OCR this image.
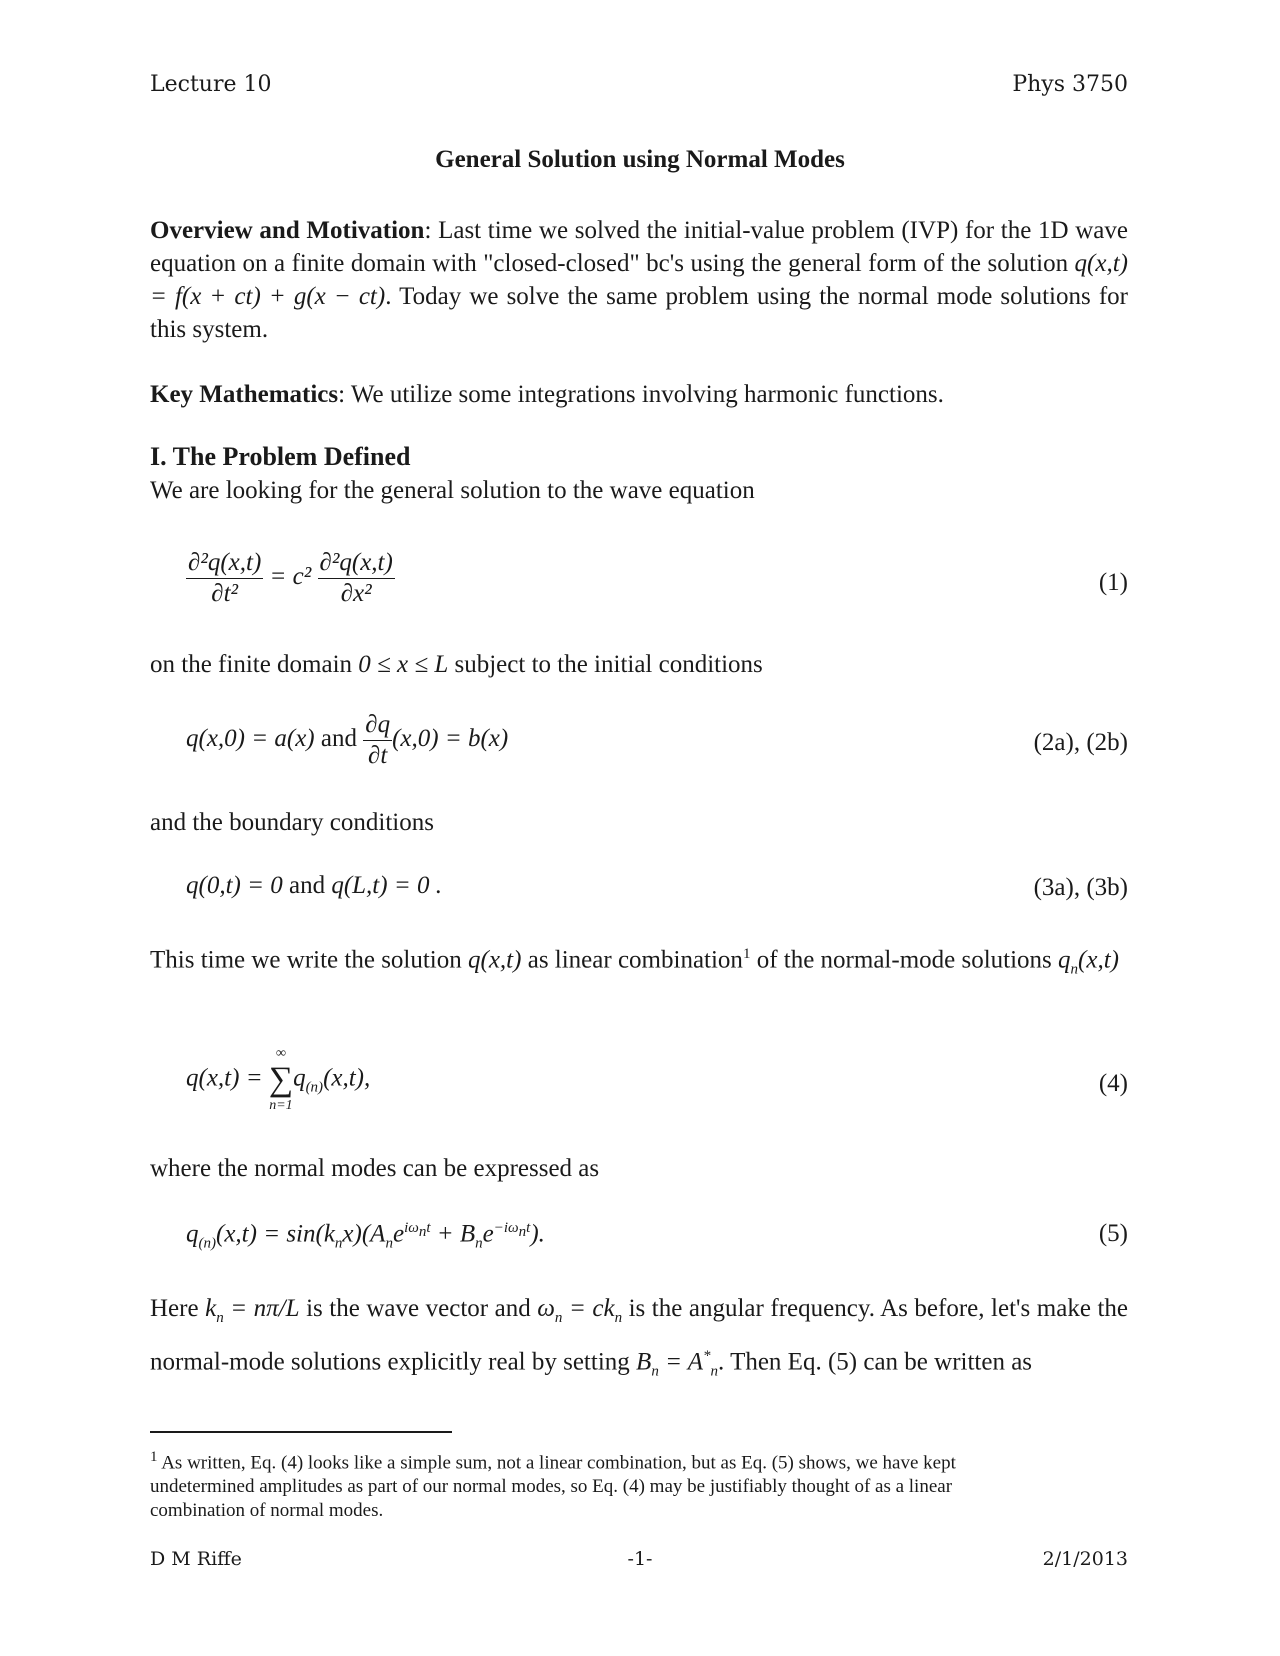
Lecture 10	Phys 3750
General Solution using Normal Modes
Overview and Motivation: Last time we solved the initial-value problem (IVP) for the 1D wave equation on a finite domain with "closed-closed" bc's using the general form of the solution q(x,t) = f(x + ct) + g(x − ct). Today we solve the same problem using the normal mode solutions for this system.
Key Mathematics: We utilize some integrations involving harmonic functions.
I. The Problem Defined
We are looking for the general solution to the wave equation
$\frac{\text{∂²q(x,t)}}{\text{∂t²}} = c^2 \frac{\text{∂²q(x,t)}}{\text{∂x²}}$	(1)
on the finite domain 0 ≤ x ≤ L subject to the initial conditions
q(x,0) = a(x) and $\frac{\partial q}{\partial t} (x,0) = b(x)$	(2a), (2b)
and the boundary conditions
q(0,t) = 0 and q(L,t) = 0 .	(3a), (3b)
This time we write the solution q(x,t) as linear combination$^1$ of the normal-mode solutions $q_n(x,t)$
q(x,t) =
∞
∑
n=1
$q_{(n)}(x,t)$,	(4)
where the normal modes can be expressed as
$q_{(n)}(x,t) = \sin(k_nx)(A_ne^{i\omega_nt} + B_ne^{-i\omega_nt})$.	(5)
Here $k_n = n\pi/L$ is the wave vector and $\omega_n = ck_n$ is the angular frequency. As before, let's make the normal-mode solutions explicitly real by setting $B_n = A^*_n$. Then Eq. (5) can be written as
$^1$ As written, Eq. (4) looks like a simple sum, not a linear combination, but as Eq. (5) shows, we have kept undetermined amplitudes as part of our normal modes, so Eq. (4) may be justifiably thought of as a linear combination of normal modes.
D M Riffe	-1-	2/1/2013
